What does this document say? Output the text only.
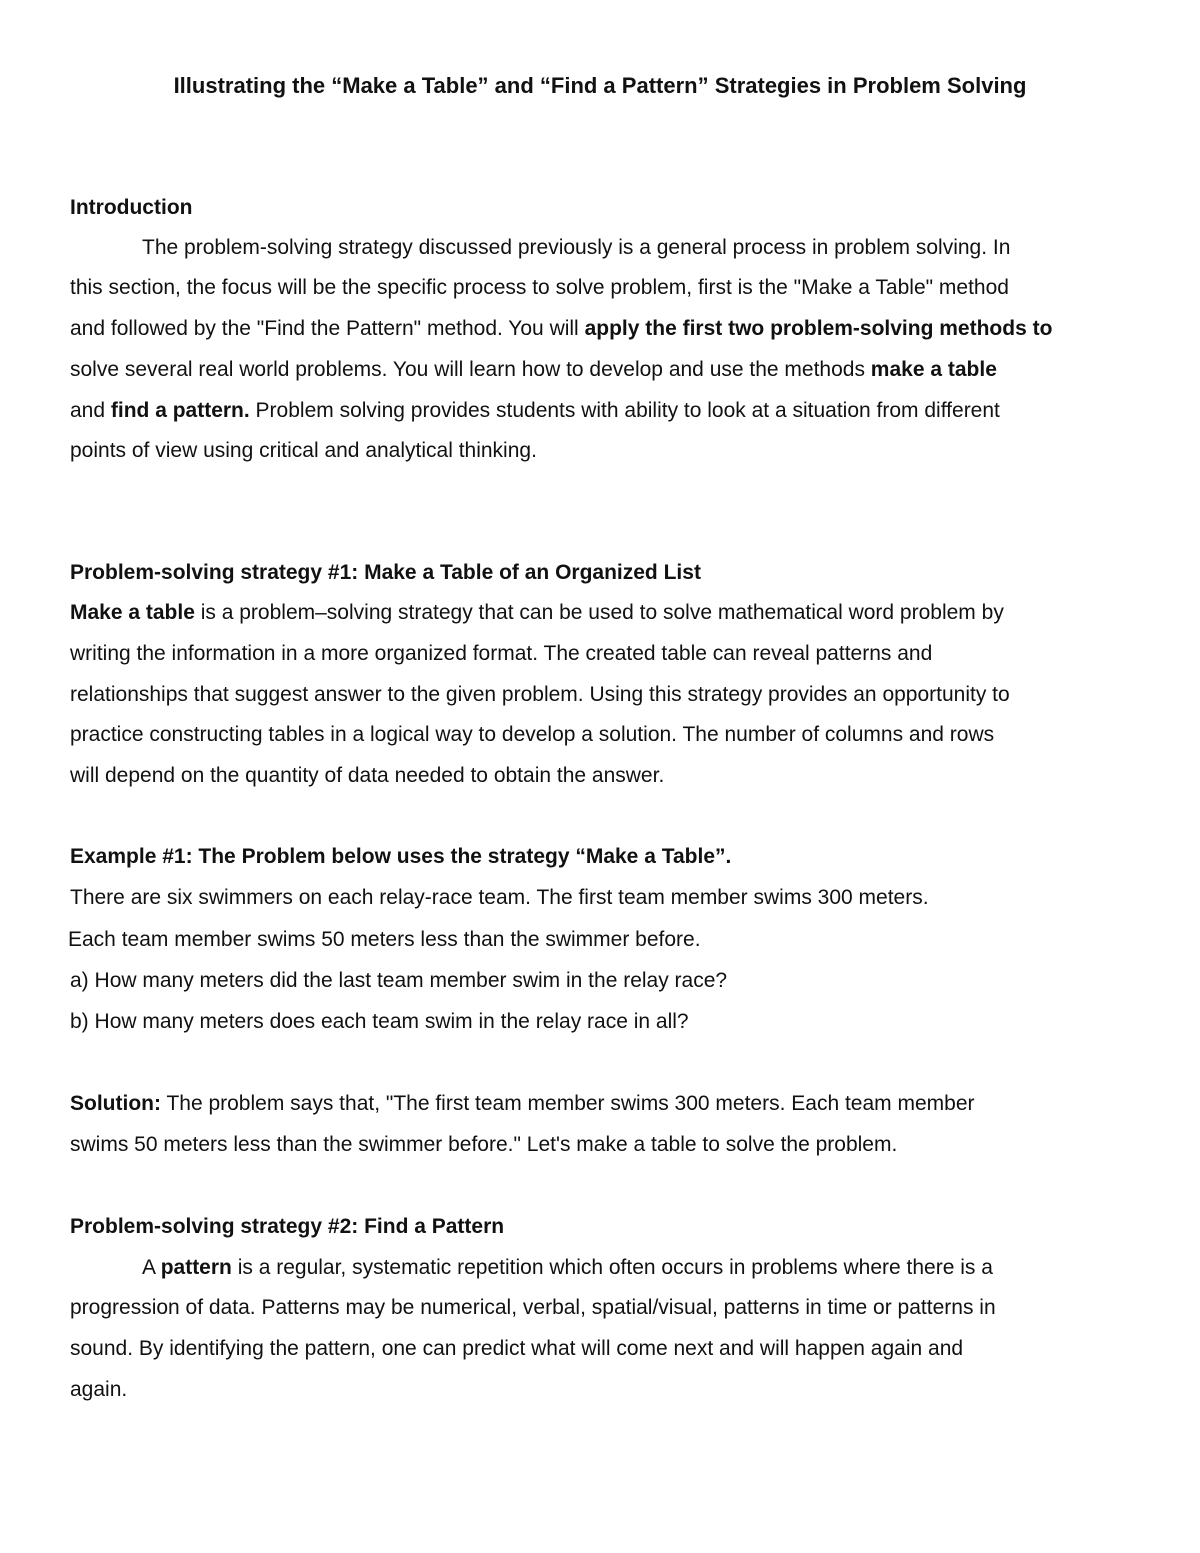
Illustrating the “Make a Table” and “Find a Pattern” Strategies in Problem Solving
Introduction
The problem-solving strategy discussed previously is a general process in problem solving. In
this section, the focus will be the specific process to solve problem, first is the "Make a Table" method
and followed by the "Find the Pattern" method. You will apply the first two problem-solving methods to
solve several real world problems. You will learn how to develop and use the methods make a table
and find a pattern. Problem solving provides students with ability to look at a situation from different
points of view using critical and analytical thinking.
Problem-solving strategy #1: Make a Table of an Organized List
Make a table is a problem–solving strategy that can be used to solve mathematical word problem by
writing the information in a more organized format. The created table can reveal patterns and
relationships that suggest answer to the given problem. Using this strategy provides an opportunity to
practice constructing tables in a logical way to develop a solution. The number of columns and rows
will depend on the quantity of data needed to obtain the answer.
Example #1: The Problem below uses the strategy “Make a Table”.
There are six swimmers on each relay-race team. The first team member swims 300 meters.
Each team member swims 50 meters less than the swimmer before.
a) How many meters did the last team member swim in the relay race?
b) How many meters does each team swim in the relay race in all?
Solution: The problem says that, "The first team member swims 300 meters. Each team member
swims 50 meters less than the swimmer before." Let's make a table to solve the problem.
Problem-solving strategy #2: Find a Pattern
A pattern is a regular, systematic repetition which often occurs in problems where there is a
progression of data. Patterns may be numerical, verbal, spatial/visual, patterns in time or patterns in
sound. By identifying the pattern, one can predict what will come next and will happen again and
again.
